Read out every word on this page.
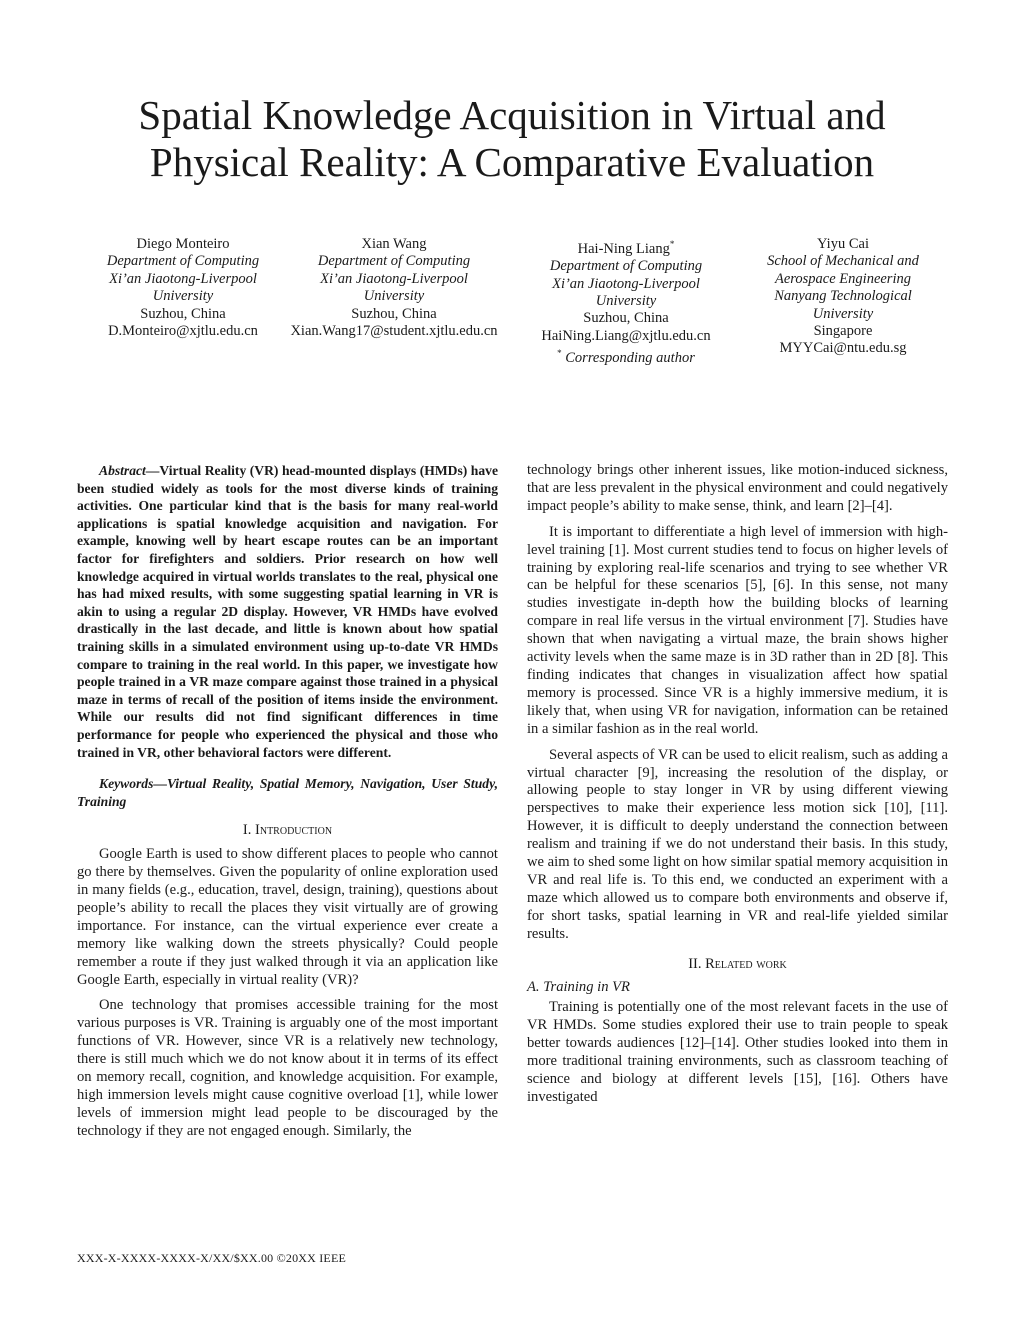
Spatial Knowledge Acquisition in Virtual and
Physical Reality: A Comparative Evaluation
Diego Monteiro
Department of Computing
Xi’an Jiaotong-Liverpool
University
Suzhou, China
D.Monteiro@xjtlu.edu.cn
Xian Wang
Department of Computing
Xi’an Jiaotong-Liverpool
University
Suzhou, China
Xian.Wang17@student.xjtlu.edu.cn
Hai-Ning Liang*
Department of Computing
Xi’an Jiaotong-Liverpool
University
Suzhou, China
HaiNing.Liang@xjtlu.edu.cn
* Corresponding author
Yiyu Cai
School of Mechanical and
Aerospace Engineering
Nanyang Technological
University
Singapore
MYYCai@ntu.edu.sg

Abstract—Virtual Reality (VR) head-mounted displays (HMDs) have been studied widely as tools for the most diverse kinds of training activities. One particular kind that is the basis for many real-world applications is spatial knowledge acquisition and navigation. For example, knowing well by heart escape routes can be an important factor for firefighters and soldiers. Prior research on how well knowledge acquired in virtual worlds translates to the real, physical one has had mixed results, with some suggesting spatial learning in VR is akin to using a regular 2D display. However, VR HMDs have evolved drastically in the last decade, and little is known about how spatial training skills in a simulated environment using up-to-date VR HMDs compare to training in the real world. In this paper, we investigate how people trained in a VR maze compare against those trained in a physical maze in terms of recall of the position of items inside the environment. While our results did not find significant differences in time performance for people who experienced the physical and those who trained in VR, other behavioral factors were different.

Keywords—Virtual Reality, Spatial Memory, Navigation, User Study, Training

I. Introduction

Google Earth is used to show different places to people who cannot go there by themselves. Given the popularity of online exploration used in many fields (e.g., education, travel, design, training), questions about people’s ability to recall the places they visit virtually are of growing importance. For instance, can the virtual experience ever create a memory like walking down the streets physically? Could people remember a route if they just walked through it via an application like Google Earth, especially in virtual reality (VR)?

One technology that promises accessible training for the most various purposes is VR. Training is arguably one of the most important functions of VR. However, since VR is a relatively new technology, there is still much which we do not know about it in terms of its effect on memory recall, cognition, and knowledge acquisition. For example, high immersion levels might cause cognitive overload [1], while lower levels of immersion might lead people to be discouraged by the technology if they are not engaged enough. Similarly, the

technology brings other inherent issues, like motion-induced sickness, that are less prevalent in the physical environment and could negatively impact people’s ability to make sense, think, and learn [2]–[4].

It is important to differentiate a high level of immersion with high-level training [1]. Most current studies tend to focus on higher levels of training by exploring real-life scenarios and trying to see whether VR can be helpful for these scenarios [5], [6]. In this sense, not many studies investigate in-depth how the building blocks of learning compare in real life versus in the virtual environment [7]. Studies have shown that when navigating a virtual maze, the brain shows higher activity levels when the same maze is in 3D rather than in 2D [8]. This finding indicates that changes in visualization affect how spatial memory is processed. Since VR is a highly immersive medium, it is likely that, when using VR for navigation, information can be retained in a similar fashion as in the real world.

Several aspects of VR can be used to elicit realism, such as adding a virtual character [9], increasing the resolution of the display, or allowing people to stay longer in VR by using different viewing perspectives to make their experience less motion sick [10], [11]. However, it is difficult to deeply understand the connection between realism and training if we do not understand their basis. In this study, we aim to shed some light on how similar spatial memory acquisition in VR and real life is. To this end, we conducted an experiment with a maze which allowed us to compare both environments and observe if, for short tasks, spatial learning in VR and real-life yielded similar results.

II. Related work
A. Training in VR

Training is potentially one of the most relevant facets in the use of VR HMDs. Some studies explored their use to train people to speak better towards audiences [12]–[14]. Other studies looked into them in more traditional training environments, such as classroom teaching of science and biology at different levels [15], [16]. Others have investigated

XXX-X-XXXX-XXXX-X/XX/$XX.00 ©20XX IEEE
